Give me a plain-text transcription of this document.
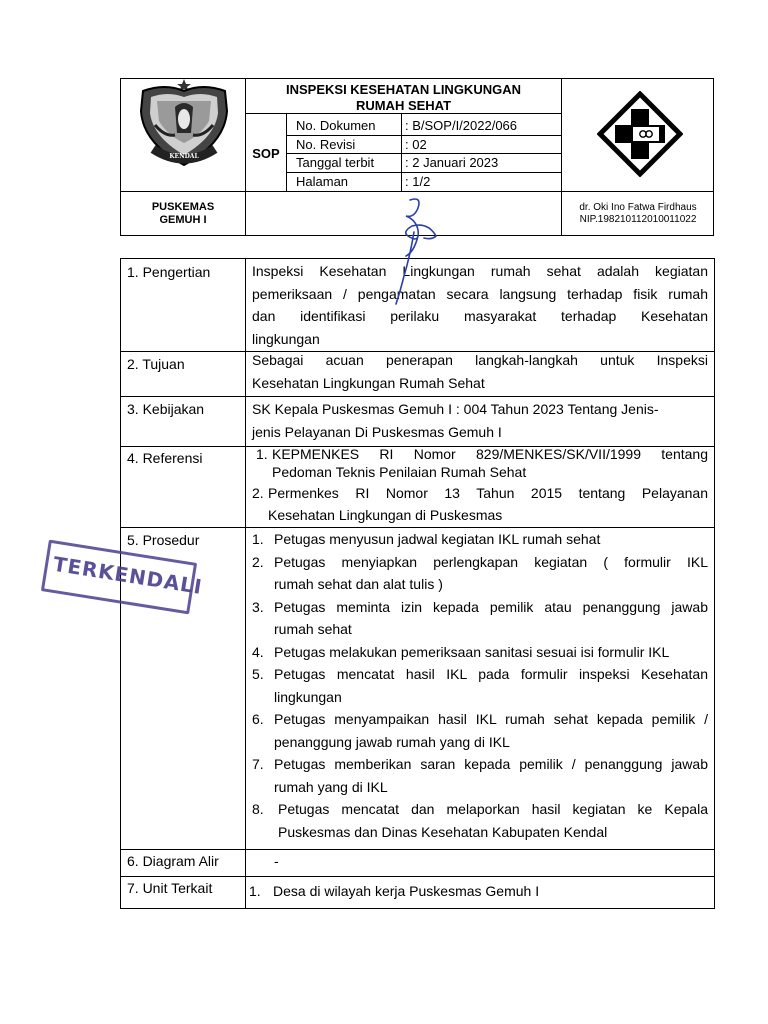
KENDAL
INSPEKSI KESEHATAN LINGKUNGAN
RUMAH SEHAT
SOP
No. Dokumen : B/SOP/I/2022/066
No. Revisi	: 02
Tanggal terbit : 2 Januari 2023
Halaman	: 1/2
PUSKEMAS
GEMUH I
dr. Oki Ino Fatwa Firdhaus
NIP.198210112010011022
1. Pengertian	Inspeksi Kesehatan Lingkungan rumah sehat adalah kegiatan
pemeriksaan / pengamatan secara langsung terhadap fisik rumah
dan identifikasi perilaku masyarakat terhadap Kesehatan
lingkungan
2. Tujuan	Sebagai acuan penerapan langkah-langkah untuk Inspeksi
Kesehatan Lingkungan Rumah Sehat
3. Kebijakan	SK Kepala Puskesmas Gemuh I : 004 Tahun 2023 Tentang Jenis-
jenis Pelayanan Di Puskesmas Gemuh I
4. Referensi	1. KEPMENKES RI Nomor 829/MENKES/SK/VII/1999 tentang
Pedoman Teknis Penilaian Rumah Sehat
2. Permenkes RI Nomor 13 Tahun 2015 tentang Pelayanan
Kesehatan Lingkungan di Puskesmas
5. Prosedur	1. Petugas menyusun jadwal kegiatan IKL rumah sehat
2. Petugas menyiapkan perlengkapan kegiatan ( formulir IKL
rumah sehat dan alat tulis )
3. Petugas meminta izin kepada pemilik atau penanggung jawab
rumah sehat
4. Petugas melakukan pemeriksaan sanitasi sesuai isi formulir IKL
5. Petugas mencatat hasil IKL pada formulir inspeksi Kesehatan
lingkungan
6. Petugas menyampaikan hasil IKL rumah sehat kepada pemilik /
penanggung jawab rumah yang di IKL
7. Petugas memberikan saran kepada pemilik / penanggung jawab
rumah yang di IKL
8.	Petugas mencatat dan melaporkan hasil kegiatan ke Kepala
Puskesmas dan Dinas Kesehatan Kabupaten Kendal
6. Diagram Alir	-
7. Unit Terkait	1. Desa di wilayah kerja Puskesmas Gemuh I
TERKENDALI
